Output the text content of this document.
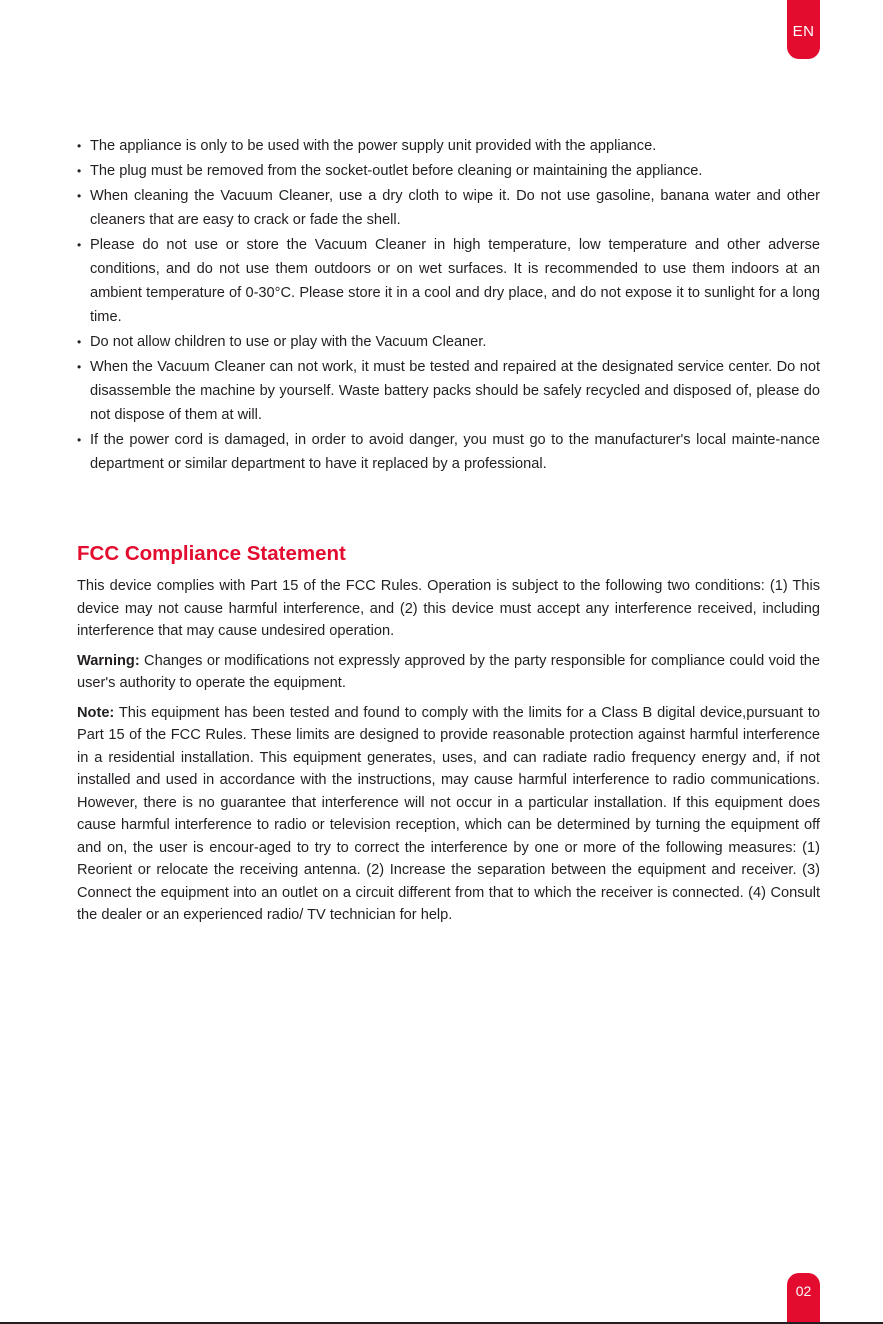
EN
• The appliance is only to be used with the power supply unit provided with the appliance.
• The plug must be removed from the socket-outlet before cleaning or maintaining the appliance.
• When cleaning the Vacuum Cleaner, use a dry cloth to wipe it. Do not use gasoline, banana water and other cleaners that are easy to crack or fade the shell.
• Please do not use or store the Vacuum Cleaner in high temperature, low temperature and other adverse conditions, and do not use them outdoors or on wet surfaces. It is recommended to use them indoors at an ambient temperature of 0-30°C. Please store it in a cool and dry place, and do not expose it to sunlight for a long time.
• Do not allow children to use or play with the Vacuum Cleaner.
• When the Vacuum Cleaner can not work, it must be tested and repaired at the designated service center. Do not disassemble the machine by yourself. Waste battery packs should be safely recycled and disposed of, please do not dispose of them at will.
• If the power cord is damaged, in order to avoid danger, you must go to the manufacturer's local mainte-nance department or similar department to have it replaced by a professional.
FCC Compliance Statement

This device complies with Part 15 of the FCC Rules. Operation is subject to the following two conditions: (1) This device may not cause harmful interference, and (2) this device must accept any interference received, including interference that may cause undesired operation.

Warning: Changes or modifications not expressly approved by the party responsible for compliance could void the user's authority to operate the equipment.

Note: This equipment has been tested and found to comply with the limits for a Class B digital device,pursuant to Part 15 of the FCC Rules. These limits are designed to provide reasonable protection against harmful interference in a residential installation. This equipment generates, uses, and can radiate radio frequency energy and, if not installed and used in accordance with the instructions, may cause harmful interference to radio communications. However, there is no guarantee that interference will not occur in a particular installation. If this equipment does cause harmful interference to radio or television reception, which can be determined by turning the equipment off and on, the user is encour-aged to try to correct the interference by one or more of the following measures: (1) Reorient or relocate the receiving antenna. (2) Increase the separation between the equipment and receiver. (3) Connect the equipment into an outlet on a circuit different from that to which the receiver is connected. (4) Consult the dealer or an experienced radio/ TV technician for help.

02
